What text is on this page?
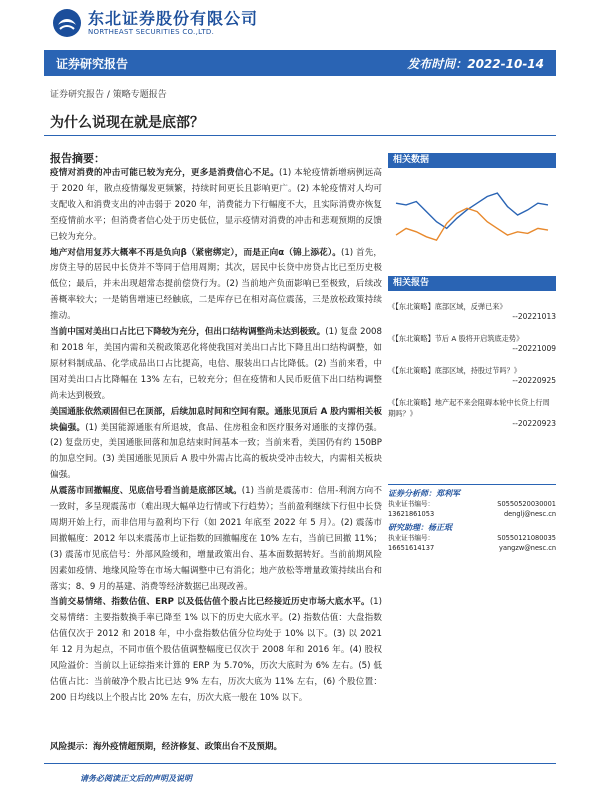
东北证券股份有限公司
NORTHEAST SECURITIES CO.,LTD.
证券研究报告	发布时间：2022-10-14
证券研究报告 / 策略专题报告
为什么说现在就是底部？
报告摘要：

疫情对消费的冲击可能已较为充分，更多是消费信心不足。(1) 本轮疫情新增病例远高于 2020 年，散点疫情爆发更频繁，持续时间更长且影响更广。(2) 本轮疫情对人均可支配收入和消费支出的冲击弱于 2020 年，消费能力下行幅度不大，且实际消费亦恢复至疫情前水平；但消费者信心处于历史低位，显示疫情对消费的冲击和悲观预期的反馈已较为充分。

地产对信用复苏大概率不再是负向β（紧密绑定），而是正向α（锦上添花）。(1) 首先，房贷主导的居民中长贷并不等同于信用周期；其次，居民中长贷中房贷占比已至历史极低位；最后，并未出现超常态提前偿贷行为。(2) 当前地产负面影响已至极致，后续改善概率较大；一是销售增速已经触底，二是库存已在相对高位震荡，三是放松政策持续推动。

当前中国对美出口占比已下降较为充分，但出口结构调整尚未达到极致。(1) 复盘 2008 和 2018 年，美国内需和关税政策恶化将使我国对美出口占比下降且出口结构调整，如原材料制成品、化学成品出口占比提高，电信、服装出口占比降低。(2) 当前来看，中国对美出口占比降幅在 13% 左右，已较充分；但在疫情和人民币贬值下出口结构调整尚未达到极致。

美国通胀依然顽固但已在顶部，后续加息时间和空间有限。通胀见顶后 A 股内需相关板块偏强。(1) 美国能源通胀有所退坡，食品、住房租金和医疗服务对通胀的支撑仍强。(2) 复盘历史，美国通胀回落和加息结束时间基本一致；当前来看，美国仍有约 150BP 的加息空间。(3) 美国通胀见顶后 A 股中外需占比高的板块受冲击较大，内需相关板块偏强。

从震荡市回撤幅度、见底信号看当前是底部区域。(1) 当前是震荡市：信用-利润方向不一致时，多呈现震荡市（难出现大幅单边行情或下行趋势）；当前盈利继续下行但中长贷周期开始上行，而非信用与盈利均下行（如 2021 年底至 2022 年 5 月）。(2) 震荡市回撤幅度：2012 年以来震荡市上证指数的回撤幅度在 10% 左右，当前已回撤 11%；(3) 震荡市见底信号：外部风险缓和，增量政策出台、基本面数据转好。当前前期风险因素如疫情、地缘风险等在市场大幅调整中已有消化；地产放松等增量政策持续出台和落实；8、9 月的基建、消费等经济数据已出现改善。

当前交易情绪、指数估值、ERP 以及低估值个股占比已经接近历史市场大底水平。(1) 交易情绪：主要指数换手率已降至 1% 以下的历史大底水平。(2) 指数估值：大盘指数估值仅次于 2012 和 2018 年，中小盘指数估值分位均处于 10% 以下。(3) 以 2021 年 12 月为起点，不同市值个股估值调整幅度已仅次于 2008 年和 2016 年。(4) 股权风险溢价：当前以上证综指来计算的 ERP 为 5.70%，历次大底时为 6% 左右。(5) 低估值占比：当前破净个股占比已达 9% 左右，历次大底为 11% 左右，(6) 个股位置：200 日均线以上个股占比 20% 左右，历次大底一般在 10% 以下。

相关数据
相关报告
《【东北策略】底部区域，反弹已来》
--20221013
《【东北策略】节后 A 股将开启筑底走势》
--20221009
《【东北策略】底部区域，持股过节吗？》
--20220925
《【东北策略】地产起不来会阻碍本轮中长贷上行周期吗？》
--20220923
证券分析师：郑利军
执业证书编号：	S0550520030001
13621861053	denglj@nesc.cn
研究助理：杨正珉
执业证书编号：	S0550121080035
16651614137	yangzw@nesc.cn
风险提示：海外疫情超预期，经济修复、政策出台不及预期。
请务必阅读正文后的声明及说明
